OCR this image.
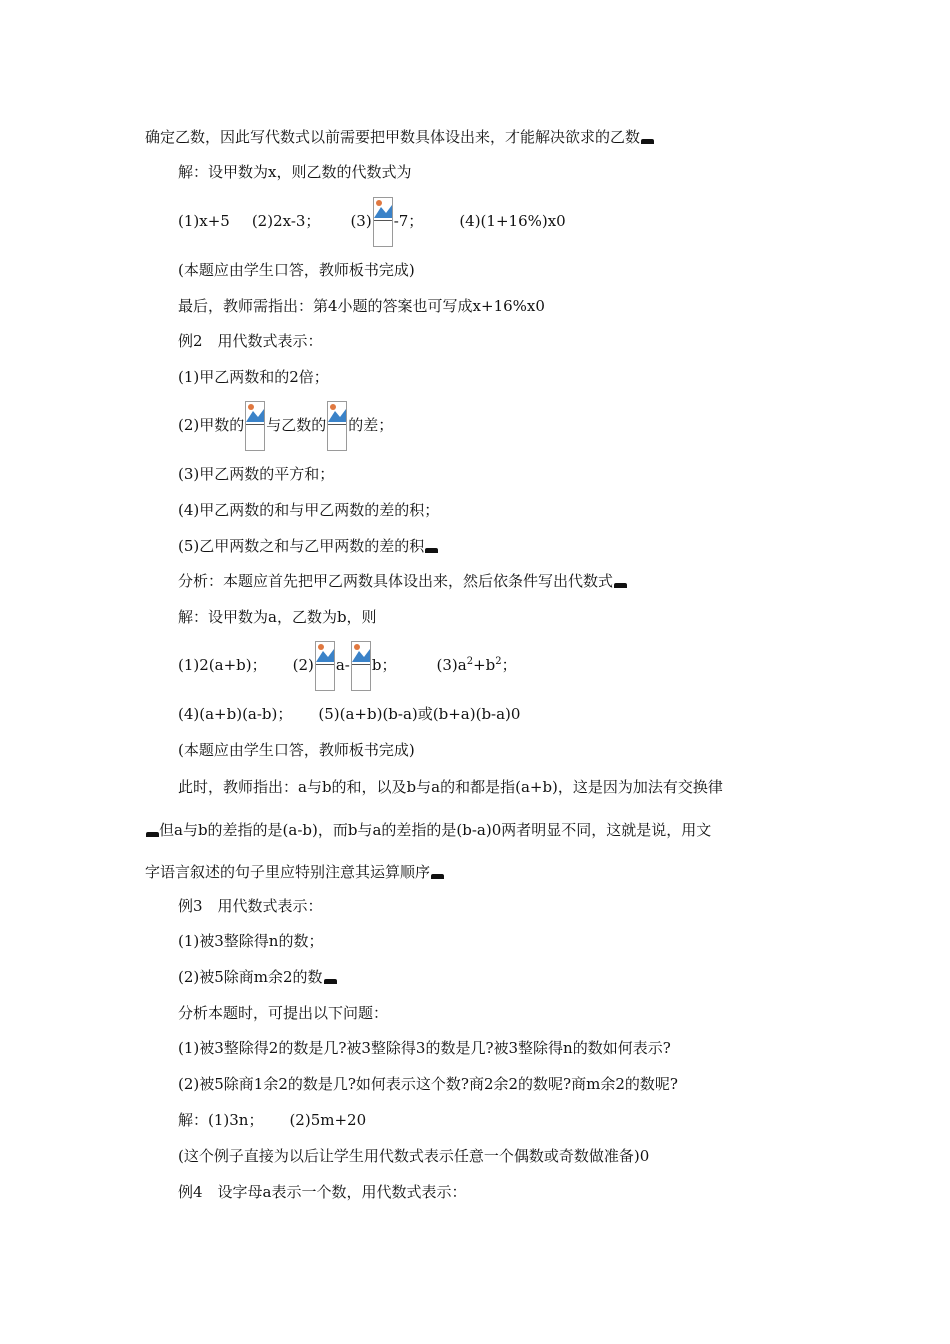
确定乙数，因此写代数式以前需要把甲数具体设出来，才能解决欲求的乙数
解：设甲数为x，则乙数的代数式为
(1)x+5 (2)2x-3； (3) -7； (4)(1+16%)x0
(本题应由学生口答，教师板书完成)
最后，教师需指出：第4小题的答案也可写成x+16%x0
例2　用代数式表示：
(1)甲乙两数和的2倍；
(2)甲数的 与乙数的 的差；
(3)甲乙两数的平方和；
(4)甲乙两数的和与甲乙两数的差的积；
(5)乙甲两数之和与乙甲两数的差的积
分析：本题应首先把甲乙两数具体设出来，然后依条件写出代数式
解：设甲数为a，乙数为b，则
(1)2(a+b)； (2) a- b；	$(3)a^2+b^2$；
(4)(a+b)(a-b)； (5)(a+b)(b-a)或(b+a)(b-a)0
(本题应由学生口答，教师板书完成)
此时，教师指出：a与b的和，以及b与a的和都是指(a+b)，这是因为加法有交换律
但a与b的差指的是(a-b)，而b与a的差指的是(b-a)0两者明显不同，这就是说，用文
字语言叙述的句子里应特别注意其运算顺序
例3　用代数式表示：
(1)被3整除得n的数；
(2)被5除商m余2的数
分析本题时，可提出以下问题：
(1)被3整除得2的数是几?被3整除得3的数是几?被3整除得n的数如何表示?
(2)被5除商1余2的数是几?如何表示这个数?商2余2的数呢?商m余2的数呢?
解：(1)3n； (2)5m+20
(这个例子直接为以后让学生用代数式表示任意一个偶数或奇数做准备)0
例4　设字母a表示一个数，用代数式表示：
